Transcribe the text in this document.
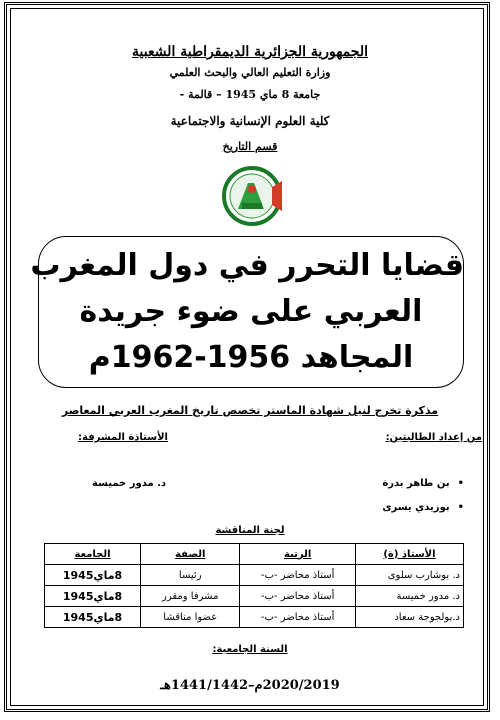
الجمهورية الجزائرية الديمقراطية الشعبية
وزارة التعليم العالي والبحث العلمي
جامعة 8 ماي 1945 – قالمة -
كلية العلوم الإنسانية والاجتماعية
قسم التاريخ
قضايا التحرر في دول المغرب
العربي على ضوء جريدة
المجاهد 1956-1962م
مذكرة تخرج لنيل شهادة الماستر تخصص تاريخ المغرب العربي المعاصر
من إعداد الطالبتين:
الأستاذة المشرفة:
• بن طاهر بدرة
• بوزيدي يسرى
د. مدور خميسة
لجنة المناقشة
الأستاذ (ة)	الرتبة	الصفة	الجامعة
د. بوشارب سلوى	أستاذ محاضر -ب-	رئيسا	8ماي1945
د. مدور خميسة	أستاذ محاضر -ب-	مشرفا ومقرر	8ماي1945
د.بولجوجة سعاد	أستاذ محاضر -ب-	عضوا مناقشا	8ماي1945
السنة الجامعية:
2020/2019م–1441/1442هـ
